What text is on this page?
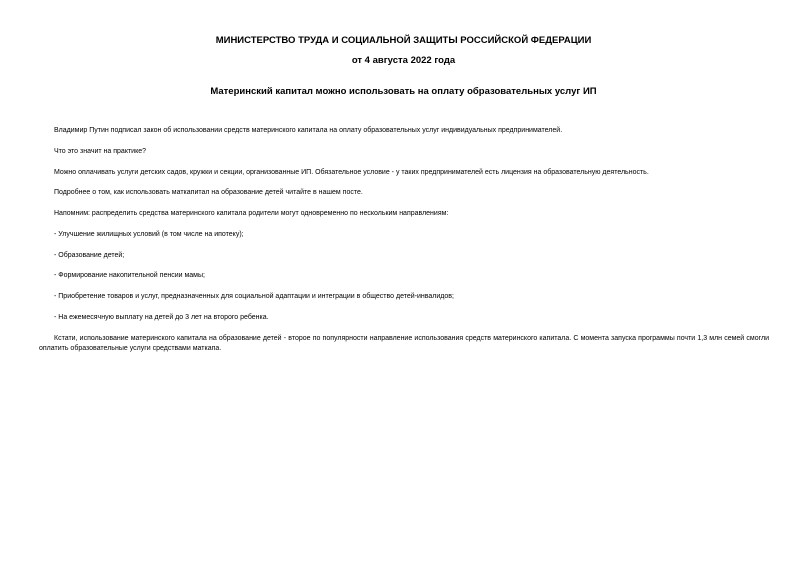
МИНИСТЕРСТВО ТРУДА И СОЦИАЛЬНОЙ ЗАЩИТЫ РОССИЙСКОЙ ФЕДЕРАЦИИ
от 4 августа 2022 года
Материнский капитал можно использовать на оплату образовательных услуг ИП
Владимир Путин подписал закон об использовании средств материнского капитала на оплату образовательных услуг индивидуальных предпринимателей.
Что это значит на практике?
Можно оплачивать услуги детских садов, кружки и секции, организованные ИП. Обязательное условие - у таких предпринимателей есть лицензия на образовательную деятельность.
Подробнее о том, как использовать маткапитал на образование детей читайте в нашем посте.
Напомним: распределить средства материнского капитала родители могут одновременно по нескольким направлениям:
- Улучшение жилищных условий (в том числе на ипотеку);
- Образование детей;
- Формирование накопительной пенсии мамы;
- Приобретение товаров и услуг, предназначенных для социальной адаптации и интеграции в общество детей-инвалидов;
- На ежемесячную выплату на детей до 3 лет на второго ребенка.
Кстати, использование материнского капитала на образование детей - второе по популярности направление использования средств материнского капитала. С момента запуска программы почти 1,3 млн семей смогли оплатить образовательные услуги средствами маткапа.
